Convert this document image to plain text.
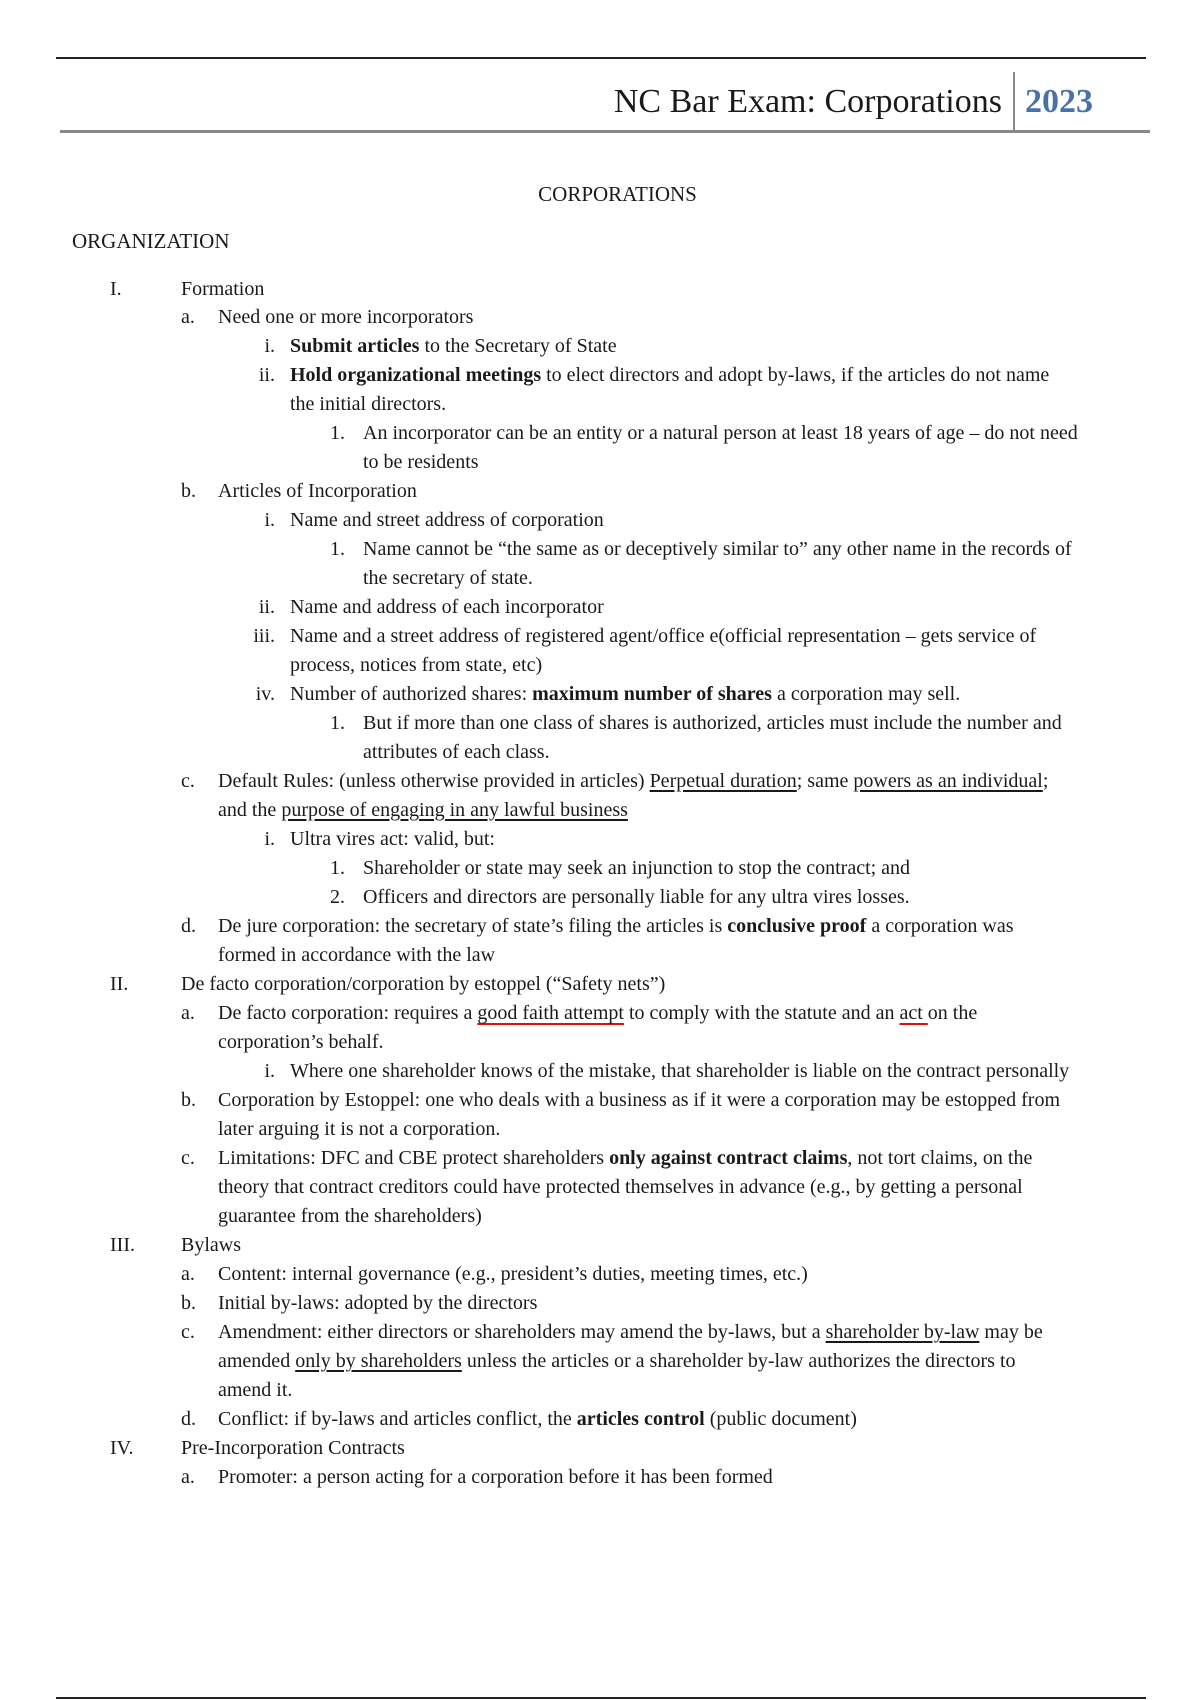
NC Bar Exam: Corporations 2023
CORPORATIONS
ORGANIZATION
I.	Formation
a. Need one or more incorporators
i. Submit articles to the Secretary of State
ii. Hold organizational meetings to elect directors and adopt by-laws, if the articles do not name
the initial directors.
1. An incorporator can be an entity or a natural person at least 18 years of age – do not need
to be residents
b. Articles of Incorporation
i. Name and street address of corporation
1. Name cannot be “the same as or deceptively similar to” any other name in the records of
the secretary of state.
ii. Name and address of each incorporator
iii. Name and a street address of registered agent/office e(official representation – gets service of
process, notices from state, etc)
iv. Number of authorized shares: maximum number of shares a corporation may sell.
1. But if more than one class of shares is authorized, articles must include the number and
attributes of each class.
c. Default Rules: (unless otherwise provided in articles) Perpetual duration; same powers as an individual;
and the purpose of engaging in any lawful business
i. Ultra vires act: valid, but:
1. Shareholder or state may seek an injunction to stop the contract; and
2. Officers and directors are personally liable for any ultra vires losses.
d. De jure corporation: the secretary of state’s filing the articles is conclusive proof a corporation was
formed in accordance with the law
II.	De facto corporation/corporation by estoppel (“Safety nets”)
a. De facto corporation: requires a good faith attempt to comply with the statute and an act on the
corporation’s behalf.
i. Where one shareholder knows of the mistake, that shareholder is liable on the contract personally
b. Corporation by Estoppel: one who deals with a business as if it were a corporation may be estopped from
later arguing it is not a corporation.
c. Limitations: DFC and CBE protect shareholders only against contract claims, not tort claims, on the
theory that contract creditors could have protected themselves in advance (e.g., by getting a personal
guarantee from the shareholders)
III. Bylaws
a. Content: internal governance (e.g., president’s duties, meeting times, etc.)
b. Initial by-laws: adopted by the directors
c. Amendment: either directors or shareholders may amend the by-laws, but a shareholder by-law may be
amended only by shareholders unless the articles or a shareholder by-law authorizes the directors to
amend it.
d. Conflict: if by-laws and articles conflict, the articles control (public document)
IV. Pre-Incorporation Contracts
a. Promoter: a person acting for a corporation before it has been formed
